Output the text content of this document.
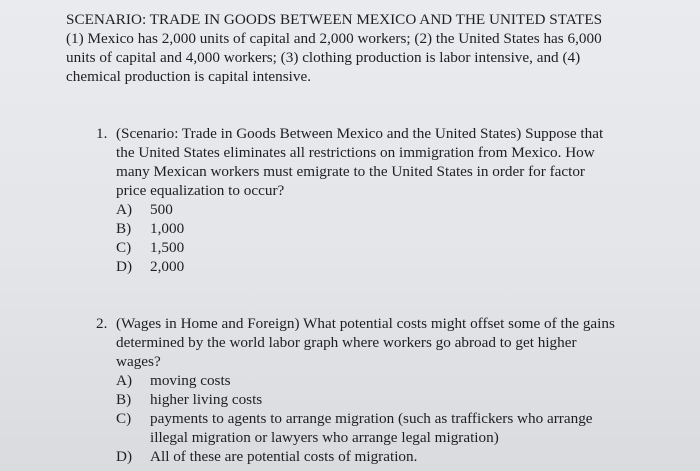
SCENARIO: TRADE IN GOODS BETWEEN MEXICO AND THE UNITED STATES
(1) Mexico has 2,000 units of capital and 2,000 workers; (2) the United States has 6,000 units of capital and 4,000 workers; (3) clothing production is labor intensive, and (4) chemical production is capital intensive.
1. (Scenario: Trade in Goods Between Mexico and the United States) Suppose that the United States eliminates all restrictions on immigration from Mexico. How many Mexican workers must emigrate to the United States in order for factor price equalization to occur?
A)	500
B)	1,000
C)	1,500
D)	2,000
2. (Wages in Home and Foreign) What potential costs might offset some of the gains determined by the world labor graph where workers go abroad to get higher wages?
A)	moving costs
B)	higher living costs
C)	payments to agents to arrange migration (such as traffickers who arrange illegal migration or lawyers who arrange legal migration)
D)	All of these are potential costs of migration.
